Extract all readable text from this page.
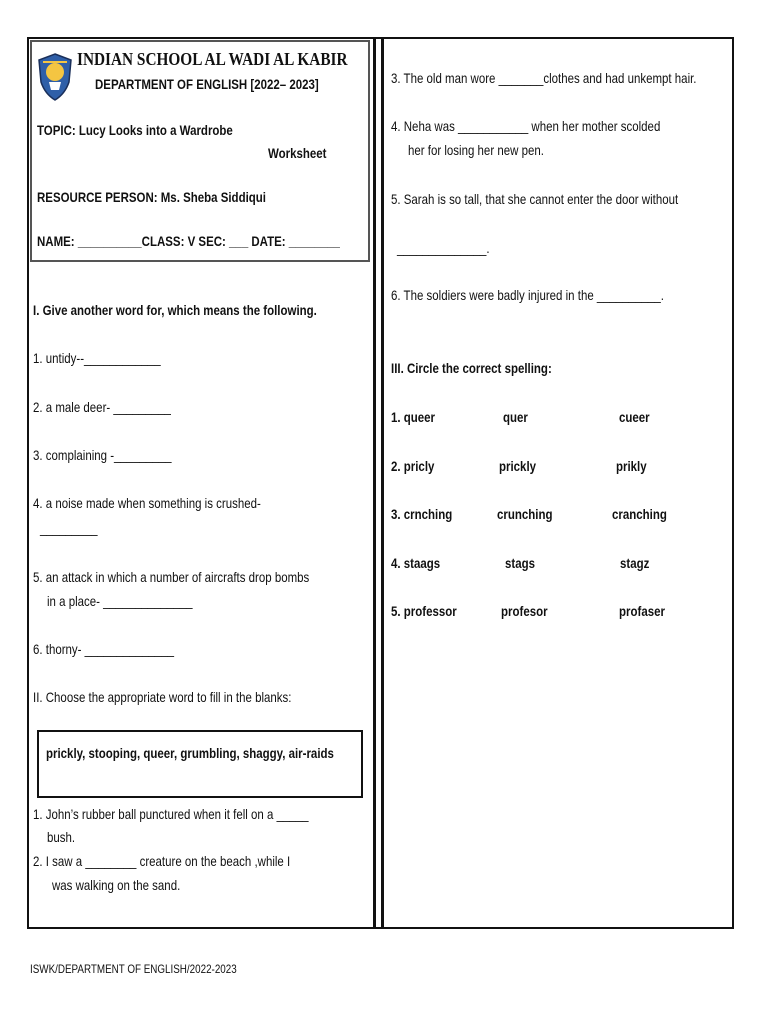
INDIAN SCHOOL AL WADI AL KABIR
DEPARTMENT OF ENGLISH [2022– 2023]
TOPIC: Lucy Looks into a Wardrobe
Worksheet
RESOURCE PERSON: Ms. Sheba Siddiqui
NAME: __________CLASS: V SEC: ___ DATE: ________
I. Give another word for, which means the following.
1. untidy--____________
2. a male deer- _________
3. complaining -_________
4. a noise made when something is crushed-
_________
5. an attack in which a number of aircrafts drop bombs
in a place- ______________
6. thorny- ______________
II. Choose the appropriate word to fill in the blanks:
prickly, stooping, queer, grumbling, shaggy, air-raids
1. John’s rubber ball punctured when it fell on a _____
bush.
2. I saw a ________ creature on the beach ,while I
was walking on the sand.
3. The old man wore _______clothes and had unkempt hair.
4. Neha was ___________ when her mother scolded
her for losing her new pen.
5. Sarah is so tall, that she cannot enter the door without
______________.
6. The soldiers were badly injured in the __________.
III. Circle the correct spelling:
1. queer	quer	cueer
2. pricly	prickly	prikly
3. crnching	crunching	cranching
4. staags	stags	stagz
5. professor	profesor	profaser
ISWK/DEPARTMENT OF ENGLISH/2022-2023
